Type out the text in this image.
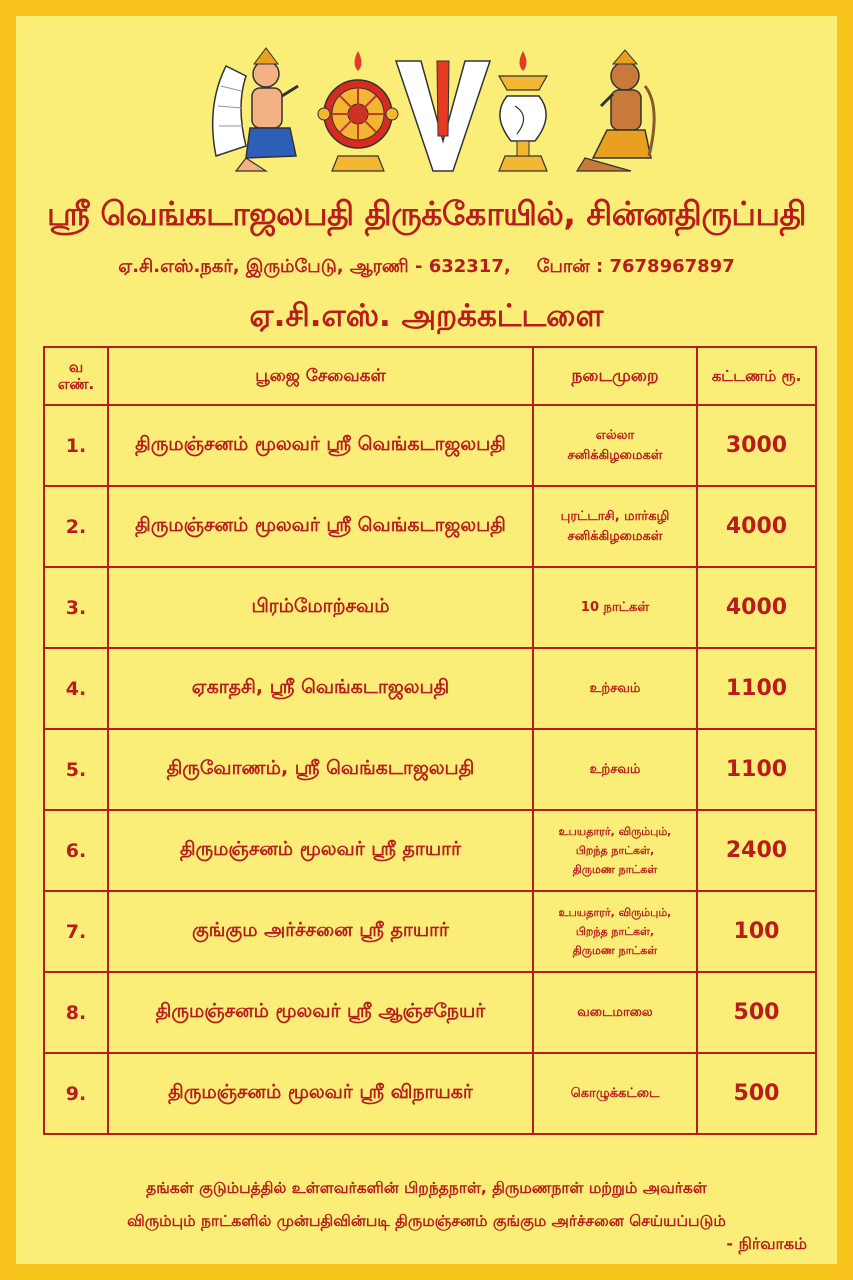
ஸ்ரீ வெங்கடாஜலபதி திருக்கோயில், சின்னதிருப்பதி
ஏ.சி.எஸ்.நகர், இரும்பேடு, ஆரணி - 632317, போன் : 7678967897
ஏ.சி.எஸ். அறக்கட்டளை
வ எண்.	பூஜை சேவைகள்	நடைமுறை	கட்டணம் ரூ.
1.	திருமஞ்சனம் மூலவர் ஸ்ரீ வெங்கடாஜலபதி	எல்லா
சனிக்கிழமைகள்	3000
2.	திருமஞ்சனம் மூலவர் ஸ்ரீ வெங்கடாஜலபதி	புரட்டாசி, மார்கழி
சனிக்கிழமைகள்	4000
3.	பிரம்மோற்சவம்	10 நாட்கள்	4000
4.	ஏகாதசி, ஸ்ரீ வெங்கடாஜலபதி	உற்சவம்	1100
5.	திருவோணம், ஸ்ரீ வெங்கடாஜலபதி	உற்சவம்	1100
6.	திருமஞ்சனம் மூலவர் ஸ்ரீ தாயார்	உபயதாரர், விரும்பும்,
பிறந்த நாட்கள்,
திருமண நாட்கள்	2400
7.	குங்கும அர்ச்சனை ஸ்ரீ தாயார்	உபயதாரர், விரும்பும்,
பிறந்த நாட்கள்,
திருமண நாட்கள்	100
8.	திருமஞ்சனம் மூலவர் ஸ்ரீ ஆஞ்சநேயர்	வடைமாலை	500
9.	திருமஞ்சனம் மூலவர் ஸ்ரீ விநாயகர்	கொழுக்கட்டை	500
தங்கள் குடும்பத்தில் உள்ளவர்களின் பிறந்தநாள், திருமணநாள் மற்றும் அவர்கள்
விரும்பும் நாட்களில் முன்பதிவின்படி திருமஞ்சனம் குங்கும அர்ச்சனை செய்யப்படும்
- நிர்வாகம்
